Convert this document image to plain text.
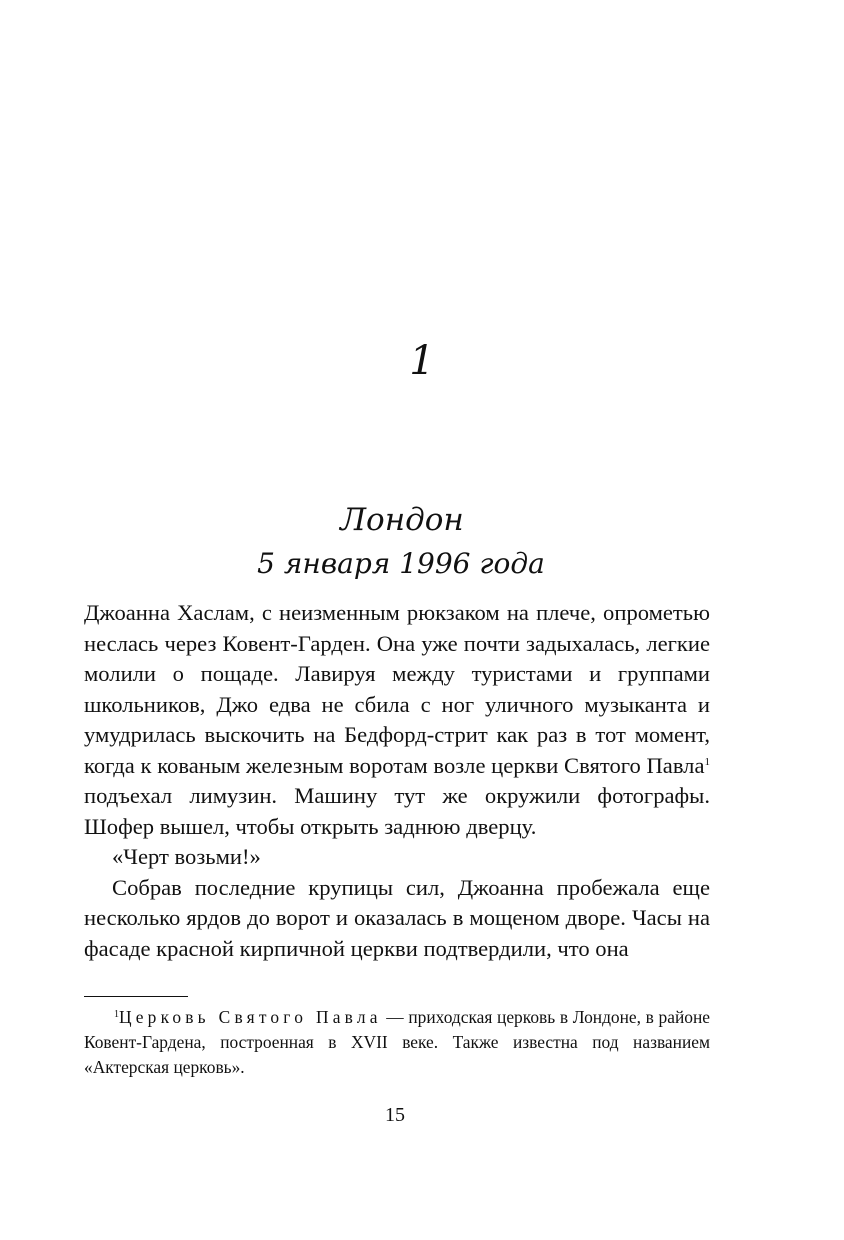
1
Лондон
5 января 1996 года

Джоанна Хаслам, с неизменным рюкзаком на плече, опрометью неслась через Ковент-Гарден. Она уже почти задыхалась, легкие молили о пощаде. Лавируя между туристами и группами школьников, Джо едва не сбила с ног уличного музыканта и умудрилась выскочить на Бедфорд-стрит как раз в тот момент, когда к кованым железным воротам возле церкви Святого Павла$^1$ подъехал лимузин. Машину тут же окружили фотографы. Шофер вышел, чтобы открыть заднюю дверцу.

«Черт возьми!»

Собрав последние крупицы сил, Джоанна пробежала еще несколько ярдов до ворот и оказалась в мощеном дворе. Часы на фасаде красной кирпичной церкви подтвердили, что она

$^1$Церковь Святого Павла — приходская церковь в Лондоне, в районе Ковент-Гардена, построенная в XVII веке. Также известна под названием «Актерская церковь».

15
